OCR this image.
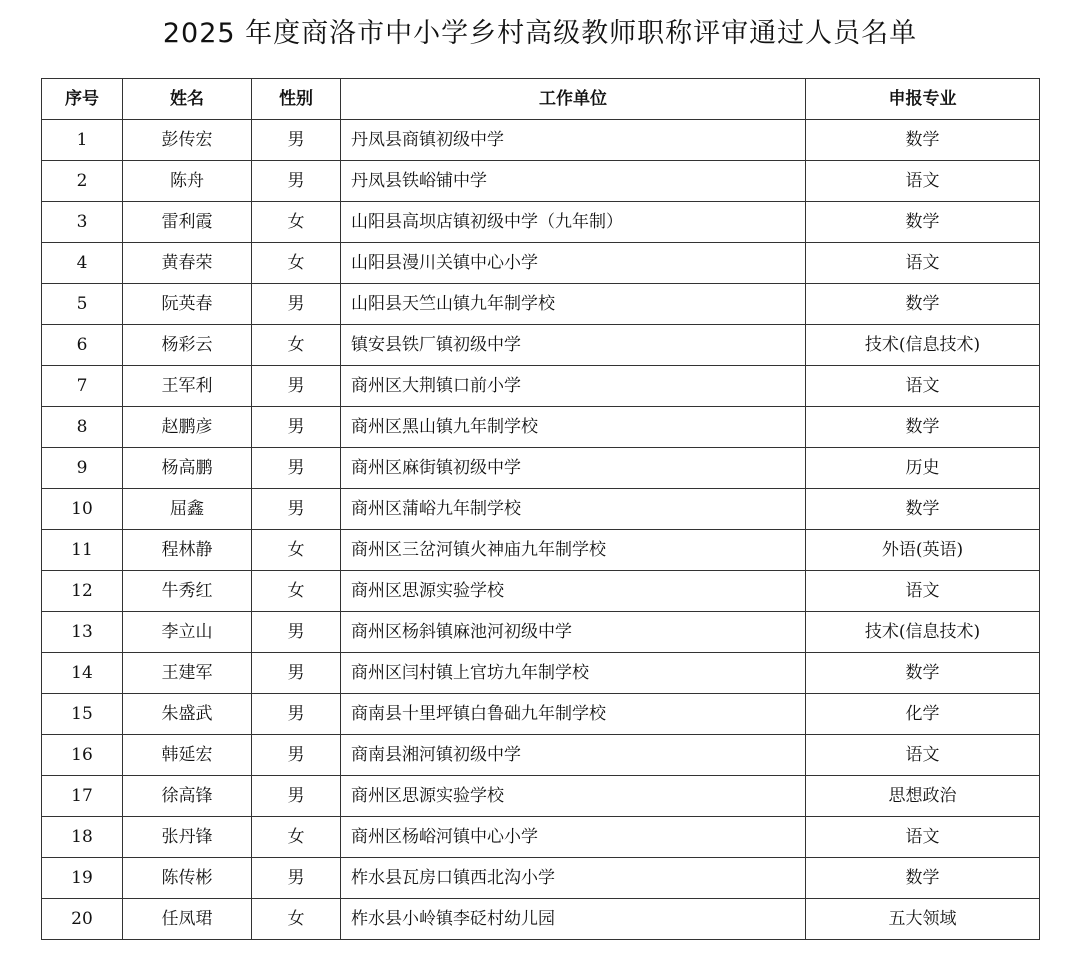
2025 年度商洛市中小学乡村高级教师职称评审通过人员名单
序号	姓名	性别	工作单位	申报专业
1	彭传宏	男	丹凤县商镇初级中学	数学
2	陈舟	男	丹凤县铁峪铺中学	语文
3	雷利霞	女	山阳县高坝店镇初级中学（九年制）	数学
4	黄春荣	女	山阳县漫川关镇中心小学	语文
5	阮英春	男	山阳县天竺山镇九年制学校	数学
6	杨彩云	女	镇安县铁厂镇初级中学	技术(信息技术)
7	王军利	男	商州区大荆镇口前小学	语文
8	赵鹏彦	男	商州区黑山镇九年制学校	数学
9	杨高鹏	男	商州区麻街镇初级中学	历史
10	屈鑫	男	商州区蒲峪九年制学校	数学
11	程林静	女	商州区三岔河镇火神庙九年制学校	外语(英语)
12	牛秀红	女	商州区思源实验学校	语文
13	李立山	男	商州区杨斜镇麻池河初级中学	技术(信息技术)
14	王建军	男	商州区闫村镇上官坊九年制学校	数学
15	朱盛武	男	商南县十里坪镇白鲁础九年制学校	化学
16	韩延宏	男	商南县湘河镇初级中学	语文
17	徐高锋	男	商州区思源实验学校	思想政治
18	张丹锋	女	商州区杨峪河镇中心小学	语文
19	陈传彬	男	柞水县瓦房口镇西北沟小学	数学
20	任凤珺	女	柞水县小岭镇李砭村幼儿园	五大领域
